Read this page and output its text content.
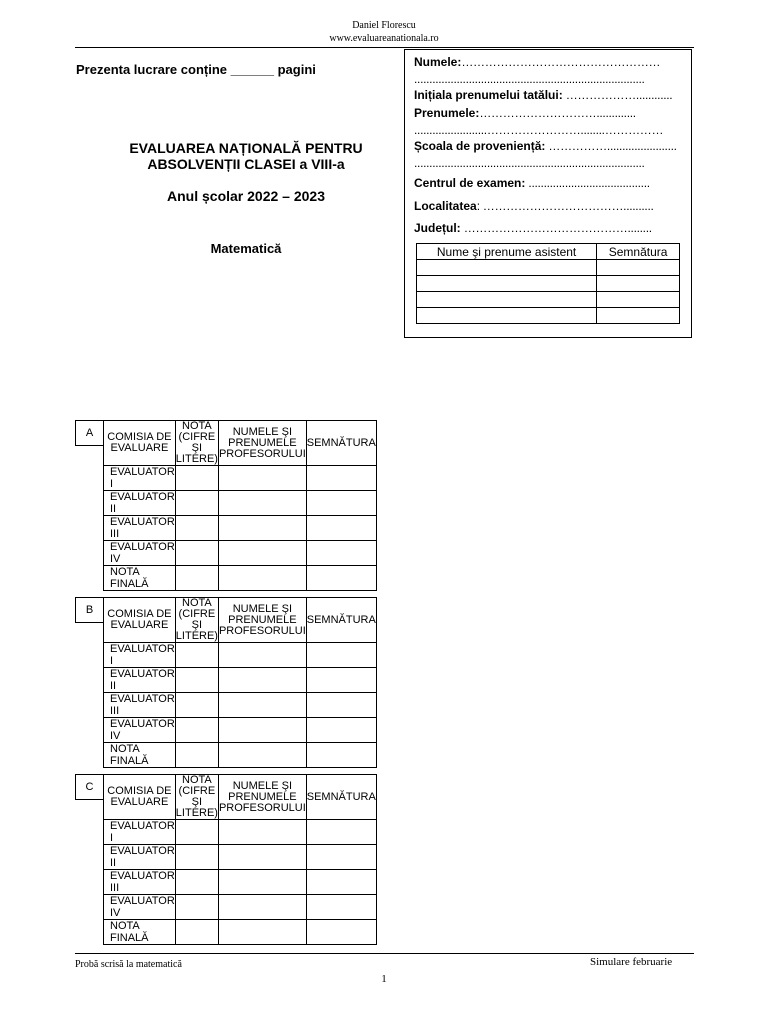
Daniel Florescu
www.evaluareanationala.ro
Prezenta lucrare conține ______ pagini
EVALUAREA NAȚIONALĂ PENTRU
ABSOLVENȚII CLASEI a VIII-a
Anul școlar 2022 – 2023
Matematică
Numele:……………………………………………
............................................................................
Inițiala prenumelui tatălui: ………………............
Prenumele:………………………….............
........................……………………........……………
Școala de proveniență: …………….......................
............................................................................
Centrul de examen: ........................................
Localitatea: ………………………………..........
Județul: ……………………………………........
Nume şi prenume asistent	Semnătura

A	COMISIA DE EVALUARE	NOTA (CIFRE ŞI LITERE)	NUMELE ŞI PRENUMELE PROFESORULUI	SEMNĂTURA
EVALUATOR I			
EVALUATOR II			
EVALUATOR III			
EVALUATOR IV			
NOTA FINALĂ			
B	COMISIA DE EVALUARE	NOTA (CIFRE ŞI LITERE)	NUMELE ŞI PRENUMELE PROFESORULUI	SEMNĂTURA
EVALUATOR I			
EVALUATOR II			
EVALUATOR III			
EVALUATOR IV			
NOTA FINALĂ			
C	COMISIA DE EVALUARE	NOTA (CIFRE ŞI LITERE)	NUMELE ŞI PRENUMELE PROFESORULUI	SEMNĂTURA
EVALUATOR I			
EVALUATOR II			
EVALUATOR III			
EVALUATOR IV			
NOTA FINALĂ			
Probă scrisă la matematică	Simulare februarie
1
